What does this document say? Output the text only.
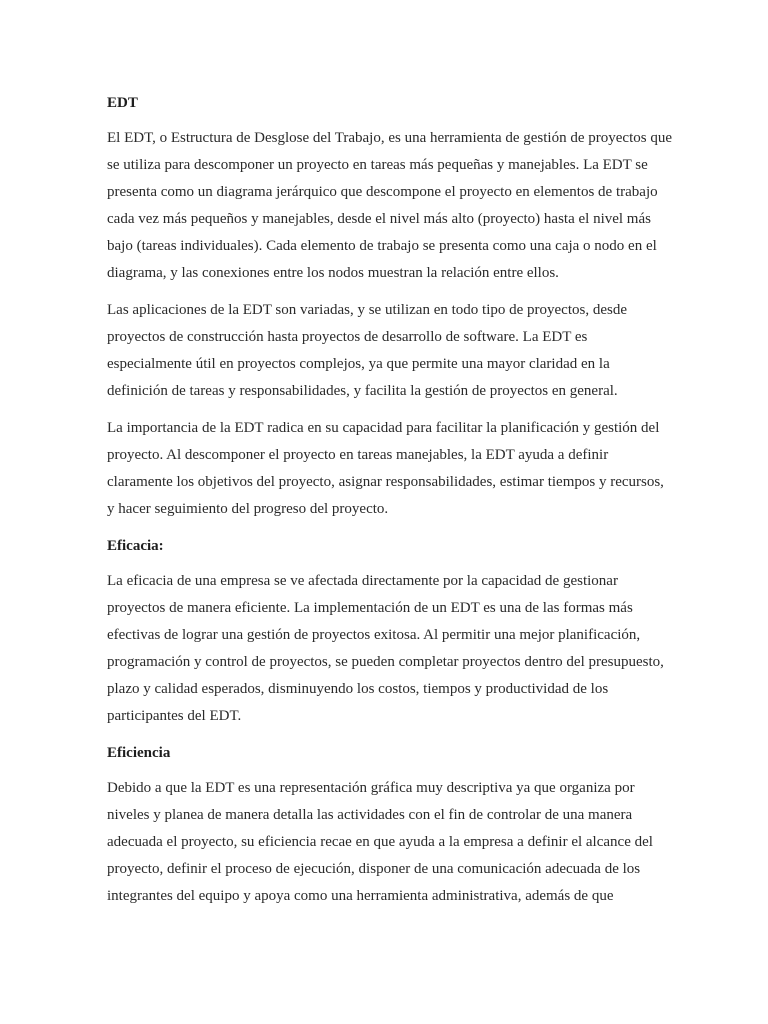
EDT

El EDT, o Estructura de Desglose del Trabajo, es una herramienta de gestión de proyectos que se utiliza para descomponer un proyecto en tareas más pequeñas y manejables. La EDT se presenta como un diagrama jerárquico que descompone el proyecto en elementos de trabajo cada vez más pequeños y manejables, desde el nivel más alto (proyecto) hasta el nivel más bajo (tareas individuales). Cada elemento de trabajo se presenta como una caja o nodo en el diagrama, y las conexiones entre los nodos muestran la relación entre ellos.

Las aplicaciones de la EDT son variadas, y se utilizan en todo tipo de proyectos, desde proyectos de construcción hasta proyectos de desarrollo de software. La EDT es especialmente útil en proyectos complejos, ya que permite una mayor claridad en la definición de tareas y responsabilidades, y facilita la gestión de proyectos en general.

La importancia de la EDT radica en su capacidad para facilitar la planificación y gestión del proyecto. Al descomponer el proyecto en tareas manejables, la EDT ayuda a definir claramente los objetivos del proyecto, asignar responsabilidades, estimar tiempos y recursos, y hacer seguimiento del progreso del proyecto.

Eficacia:

La eficacia de una empresa se ve afectada directamente por la capacidad de gestionar proyectos de manera eficiente. La implementación de un EDT es una de las formas más efectivas de lograr una gestión de proyectos exitosa. Al permitir una mejor planificación, programación y control de proyectos, se pueden completar proyectos dentro del presupuesto, plazo y calidad esperados, disminuyendo los costos, tiempos y productividad de los participantes del EDT.

Eficiencia

Debido a que la EDT es una representación gráfica muy descriptiva ya que organiza por niveles y planea de manera detalla las actividades con el fin de controlar de una manera adecuada el proyecto, su eficiencia recae en que ayuda a la empresa a definir el alcance del proyecto, definir el proceso de ejecución, disponer de una comunicación adecuada de los integrantes del equipo y apoya como una herramienta administrativa, además de que
